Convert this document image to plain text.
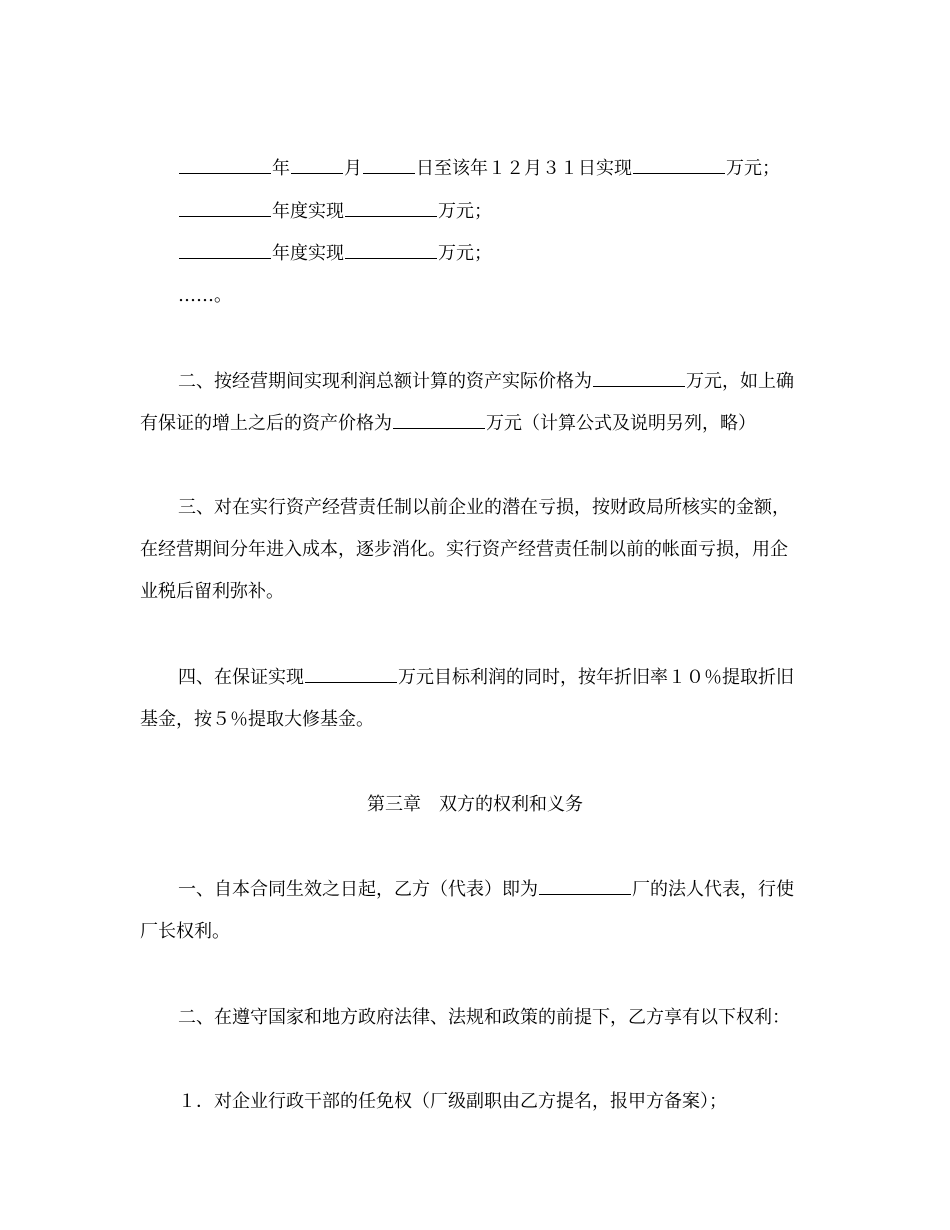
年	月	日至该年１２月３１日实现	万元；
年度实现	万元；
年度实现	万元；
……。
二、按经营期间实现利润总额计算的资产实际价格为	万元，如上确
有保证的增上之后的资产价格为	万元（计算公式及说明另列，略）
三、对在实行资产经营责任制以前企业的潜在亏损，按财政局所核实的金额，
在经营期间分年进入成本，逐步消化。实行资产经营责任制以前的帐面亏损，用企
业税后留利弥补。
四、在保证实现	万元目标利润的同时，按年折旧率１０％提取折旧
基金，按５％提取大修基金。
第三章　双方的权利和义务
一、自本合同生效之日起，乙方（代表）即为	厂的法人代表，行使
厂长权利。
二、在遵守国家和地方政府法律、法规和政策的前提下，乙方享有以下权利：
１．对企业行政干部的任免权（厂级副职由乙方提名，报甲方备案）；
